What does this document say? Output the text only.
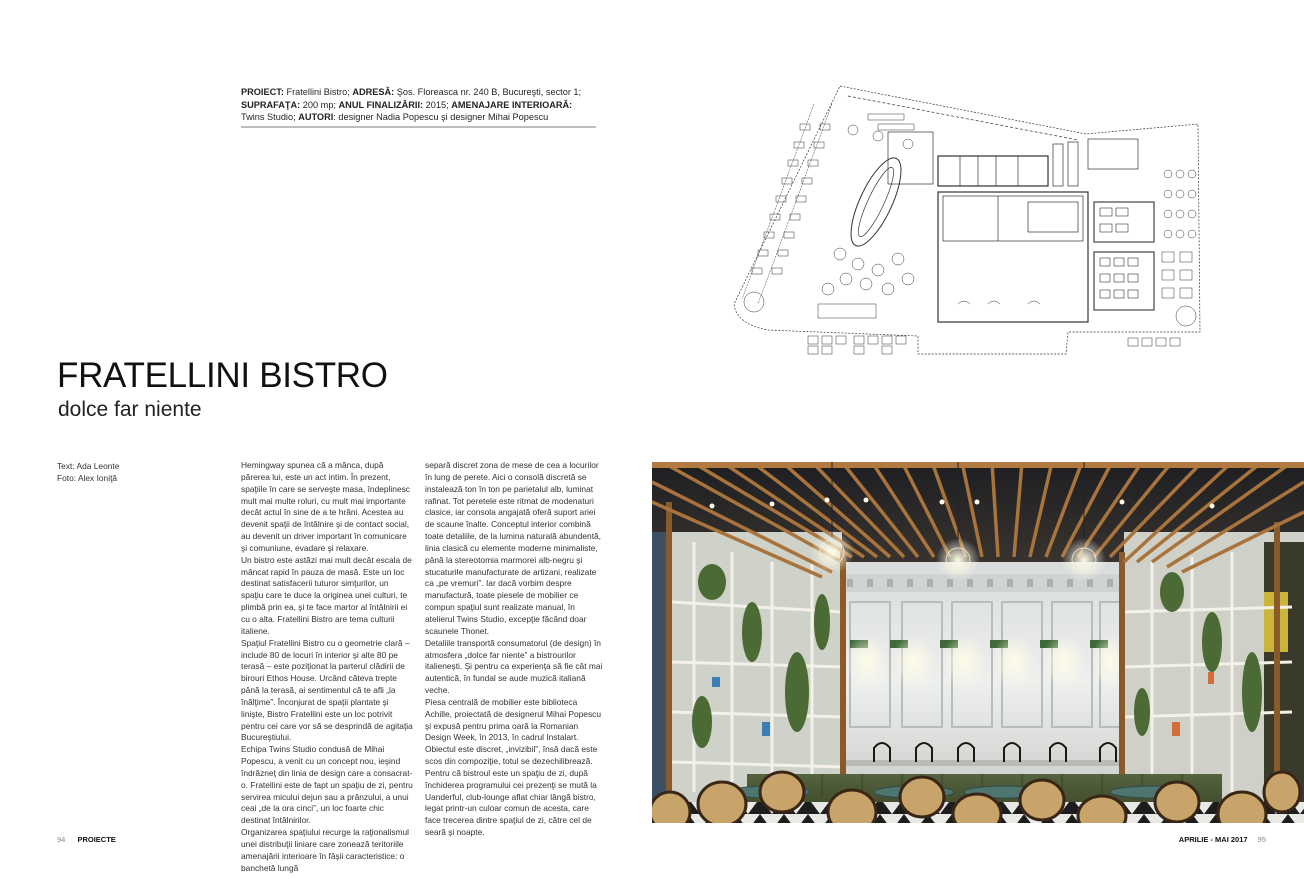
PROIECT: Fratellini Bistro; ADRESĂ: Şos. Floreasca nr. 240 B, Bucureşti, sector 1;
SUPRAFAŢA: 200 mp; ANUL FINALIZĂRII: 2015; AMENAJARE INTERIOARĂ:
Twins Studio; AUTORI: designer Nadia Popescu şi designer Mihai Popescu
FRATELLINI BISTRO
dolce far niente
Text: Ada Leonte
Foto: Alex Ioniţă

Hemingway spunea că a mânca, după părerea lui, este un act intim. În prezent, spaţiile în care se serveşte masa, îndeplinesc mult mai multe roluri, cu mult mai importante decât actul în sine de a te hrăni. Acestea au devenit spaţii de întâlnire şi de contact social, au devenit un driver important în comunicare şi comuniune, evadare şi relaxare.

Un bistro este astăzi mai mult decât escala de mâncat rapid în pauza de masă. Este un loc destinat satisfacerii tuturor simţurilor, un spaţiu care te duce la originea unei culturi, te plimbă prin ea, şi te face martor al întâlnirii ei cu o alta. Fratellini Bistro are tema culturii italiene.

Spaţiul Fratellini Bistro cu o geometrie clară – include 80 de locuri în interior şi alte 80 pe terasă – este poziţionat la parterul clădirii de birouri Ethos House. Urcând câteva trepte până la terasă, ai sentimentul că te afli „la înălţime”. Înconjurat de spaţii plantate şi linişte, Bistro Fratellini este un loc potrivit pentru cei care vor să se desprindă de agitaţia Bucureştiului.

Echipa Twins Studio condusă de Mihai Popescu, a venit cu un concept nou, ieşind îndrăzneţ din linia de design care a consacrat-o. Fratellini este de fapt un spaţiu de zi, pentru servirea micului dejun sau a prânzului, a unui ceai „de la ora cinci”, un loc foarte chic destinat întâlnirilor.

Organizarea spaţiului recurge la raţionalismul unei distribuţii liniare care zonează teritoriile amenajării interioare în fâşii caracteristice: o banchetă lungă

separă discret zona de mese de cea a locurilor în lung de perete. Aici o consolă discretă se instalează ton în ton pe parietalul alb, luminat rafinat. Tot peretele este ritmat de modenaturi clasice, iar consola angajată oferă suport ariei de scaune înalte. Conceptul interior combină toate detaliile, de la lumina naturală abundentă, linia clasică cu elemente moderne minimaliste, până la stereotomia marmorei alb-negru şi stucaturile manufacturate de artizani, realizate ca „pe vremuri”. Iar dacă vorbim despre manufactură, toate piesele de mobilier ce compun spaţiul sunt realizate manual, în atelierul Twins Studio, excepţie făcând doar scaunele Thonet.

Detaliile transportă consumatorul (de design) în atmosfera „dolce far niente” a bistrourilor italieneşti. Şi pentru ca experienţa să fie cât mai autentică, în fundal se aude muzică italiană veche.

Piesa centrală de mobilier este biblioteca Achille, proiectată de designerul Mihai Popescu şi expusă pentru prima oară la Romanian Design Week, în 2013, în cadrul Instalart. Obiectul este discret, „invizibil”, însă dacă este scos din compoziţie, totul se dezechilibrează.

Pentru că bistroul este un spaţiu de zi, după închiderea programului cei prezenţi se mută la Uanderful, club-lounge aflat chiar lângă bistro, legat printr-un culoar comun de acesta, care face trecerea dintre spaţiul de zi, către cel de seară şi noapte.

94 PROIECTE	APRILIE - MAI 2017 95
